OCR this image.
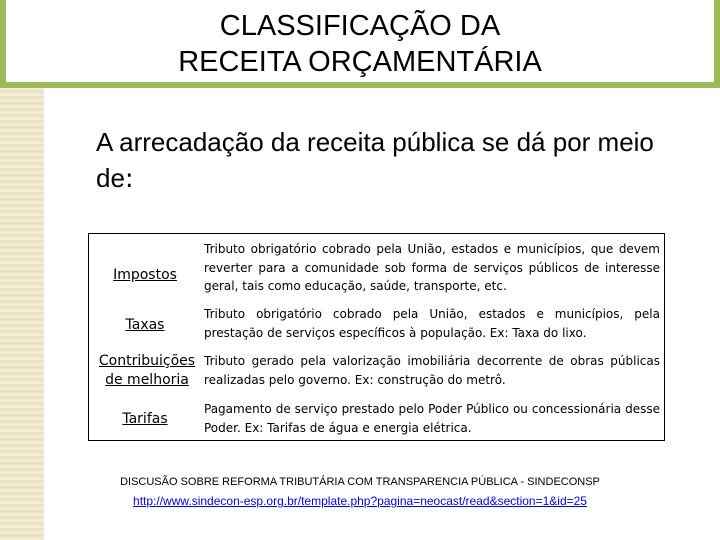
CLASSIFICAÇÃO DA
RECEITA ORÇAMENTÁRIA
A arrecadação da receita pública se dá por meio de:
Impostos
Tributo obrigatório cobrado pela União, estados e municípios, que devem reverter para a comunidade sob forma de serviços públicos de interesse geral, tais como educação, saúde, transporte, etc.
Taxas
Tributo obrigatório cobrado pela União, estados e municípios, pela prestação de serviços específicos à população. Ex: Taxa do lixo.
Contribuições
de melhoria
Tributo gerado pela valorização imobiliária decorrente de obras públicas realizadas pelo governo. Ex: construção do metrô.
Tarifas
Pagamento de serviço prestado pelo Poder Público ou concessionária desse Poder. Ex: Tarifas de água e energia elétrica.
DISCUSÃO SOBRE REFORMA TRIBUTÁRIA COM TRANSPARENCIA PÚBLICA - SINDECONSP
http://www.sindecon-esp.org.br/template.php?pagina=neocast/read&section=1&id=25
